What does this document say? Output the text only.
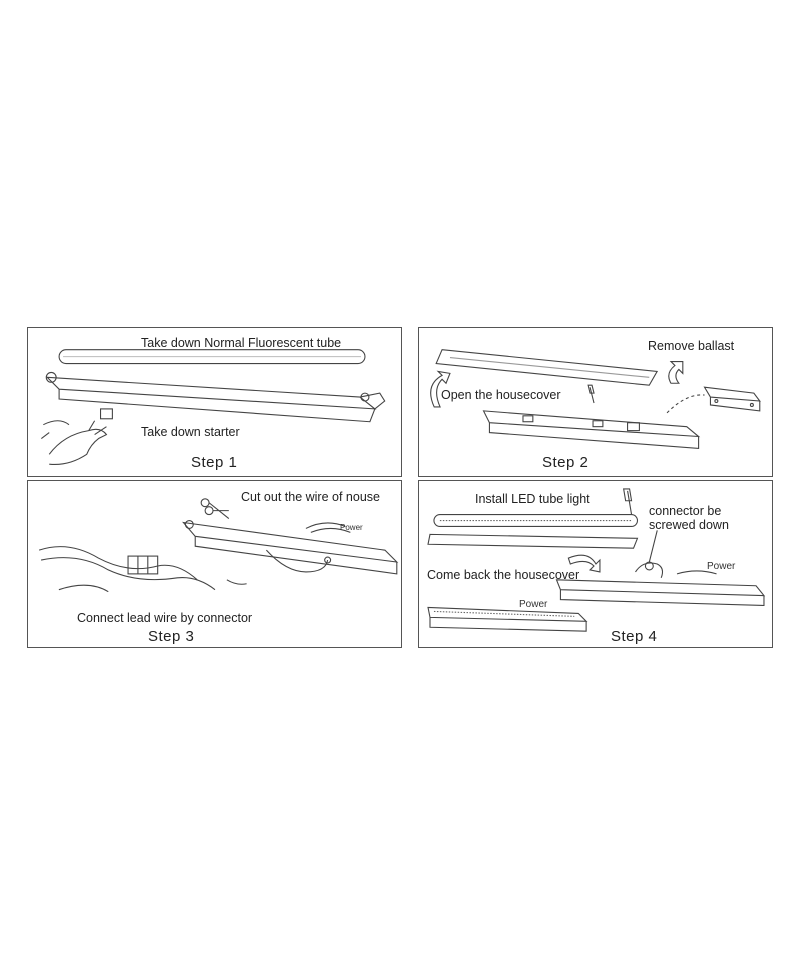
Take down Normal Fluorescent tube
Take down starter
Step 1
Remove ballast
Open the housecover
Step 2
Cut out the wire of nouse
Power
Connect lead wire by connector
Step 3
Install LED tube light
connector be
screwed down
Come back the housecover
Power
Power
Step 4
